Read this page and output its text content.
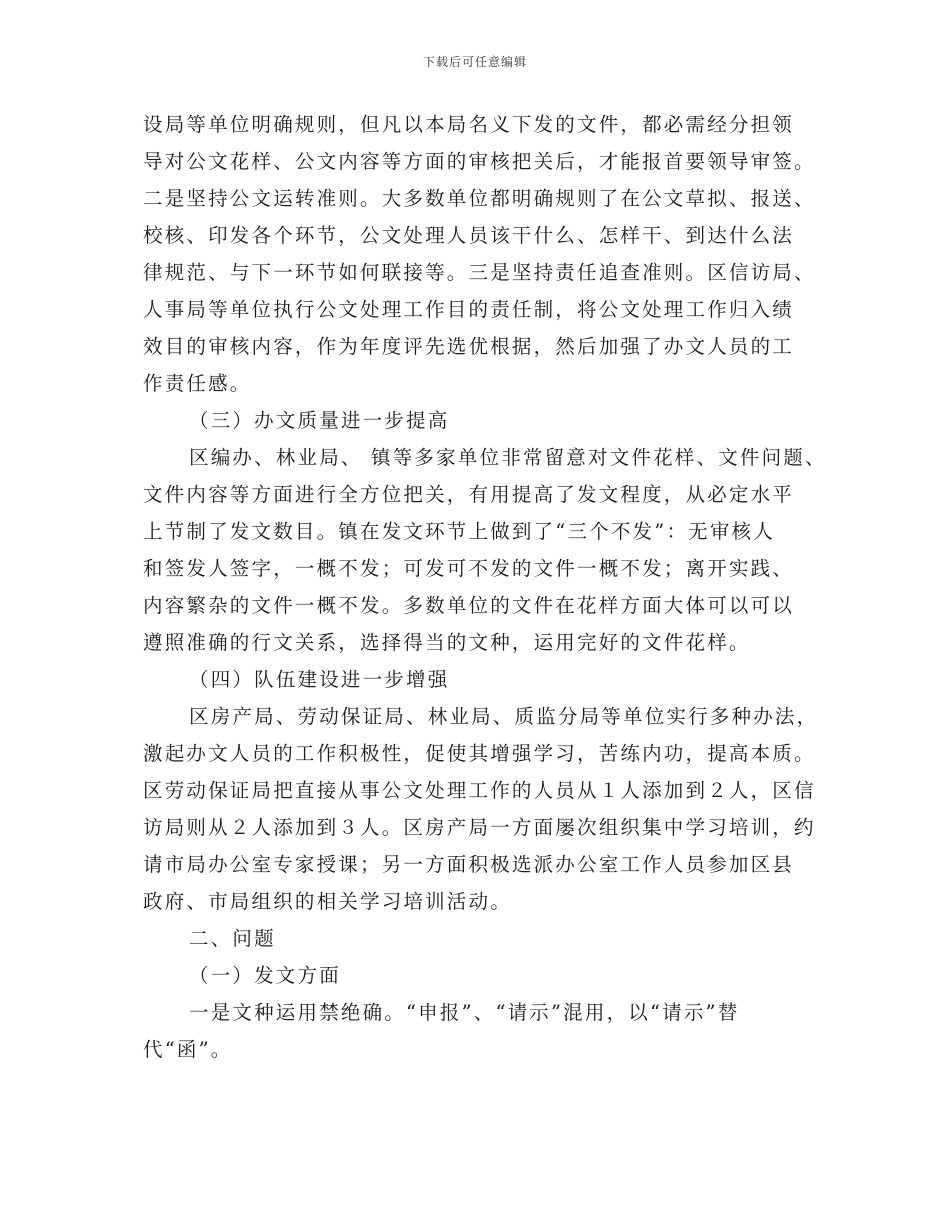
下载后可任意编辑
设局等单位明确规则，但凡以本局名义下发的文件，都必需经分担领
导对公文花样、公文内容等方面的审核把关后，才能报首要领导审签。
二是坚持公文运转准则。大多数单位都明确规则了在公文草拟、报送、
校核、印发各个环节，公文处理人员该干什么、怎样干、到达什么法
律规范、与下一环节如何联接等。三是坚持责任追查准则。区信访局、
人事局等单位执行公文处理工作目的责任制，将公文处理工作归入绩
效目的审核内容，作为年度评先选优根据，然后加强了办文人员的工
作责任感。
（三）办文质量进一步提高
区编办、林业局、 镇等多家单位非常留意对文件花样、文件问题、
文件内容等方面进行全方位把关，有用提高了发文程度，从必定水平
上节制了发文数目。镇在发文环节上做到了“三个不发”：无审核人
和签发人签字，一概不发；可发可不发的文件一概不发；离开实践、
内容繁杂的文件一概不发。多数单位的文件在花样方面大体可以可以
遵照准确的行文关系，选择得当的文种，运用完好的文件花样。
（四）队伍建设进一步增强
区房产局、劳动保证局、林业局、质监分局等单位实行多种办法，
激起办文人员的工作积极性，促使其增强学习，苦练内功，提高本质。
区劳动保证局把直接从事公文处理工作的人员从１人添加到２人，区信
访局则从２人添加到３人。区房产局一方面屡次组织集中学习培训，约
请市局办公室专家授课；另一方面积极选派办公室工作人员参加区县
政府、市局组织的相关学习培训活动。
二、问题
（一）发文方面
一是文种运用禁绝确。“申报”、“请示”混用，以“请示”替
代“函”。
